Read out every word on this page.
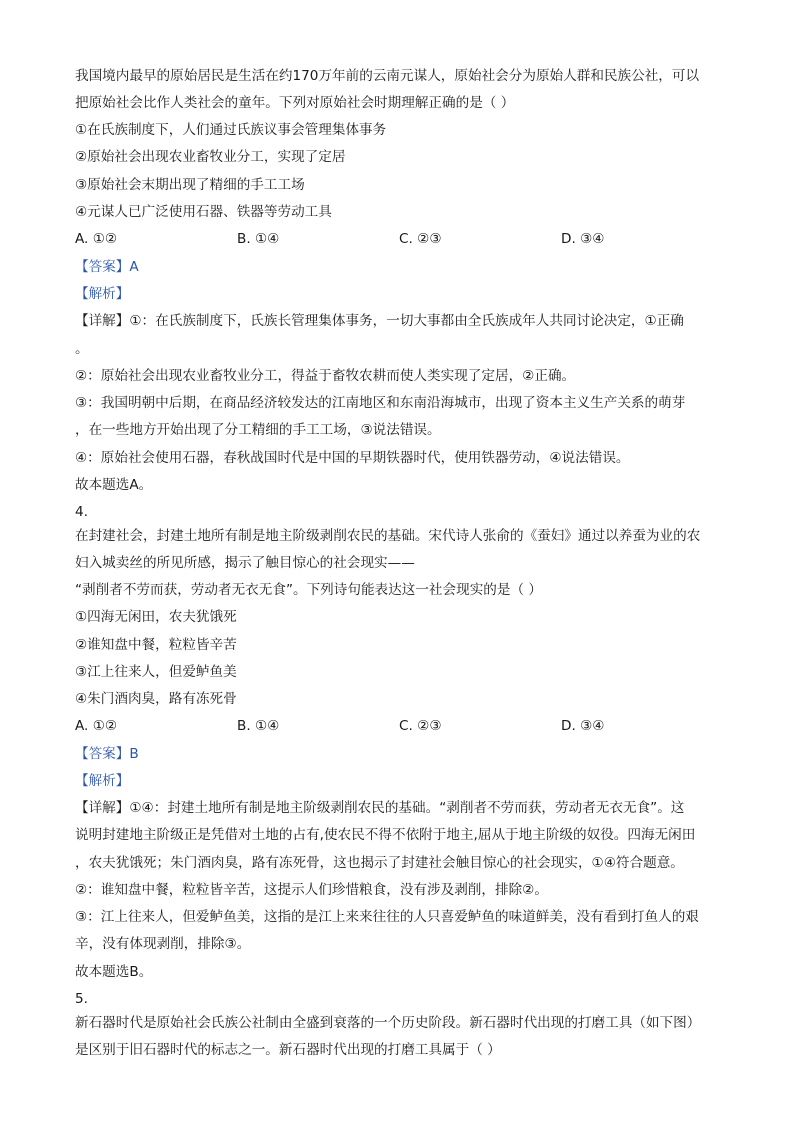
我国境内最早的原始居民是生活在约170万年前的云南元谋人，原始社会分为原始人群和民族公社，可以
把原始社会比作人类社会的童年。下列对原始社会时期理解正确的是（ ）
①在氏族制度下，人们通过氏族议事会管理集体事务
②原始社会出现农业畜牧业分工，实现了定居
③原始社会末期出现了精细的手工工场
④元谋人已广泛使用石器、铁器等劳动工具
A. ①②	B. ①④	C. ②③	D. ③④
【答案】A
【解析】
【详解】①：在氏族制度下，氏族长管理集体事务，一切大事都由全氏族成年人共同讨论决定，①正确
。
②：原始社会出现农业畜牧业分工，得益于畜牧农耕而使人类实现了定居，②正确。
③：我国明朝中后期，在商品经济较发达的江南地区和东南沿海城市，出现了资本主义生产关系的萌芽
，在一些地方开始出现了分工精细的手工工场，③说法错误。
④：原始社会使用石器，春秋战国时代是中国的早期铁器时代，使用铁器劳动，④说法错误。
故本题选A。
4.
在封建社会，封建土地所有制是地主阶级剥削农民的基础。宋代诗人张俞的《蚕妇》通过以养蚕为业的农
妇入城卖丝的所见所感，揭示了触目惊心的社会现实——
“剥削者不劳而获，劳动者无衣无食”。下列诗句能表达这一社会现实的是（ ）
①四海无闲田，农夫犹饿死
②谁知盘中餐，粒粒皆辛苦
③江上往来人，但爱鲈鱼美
④朱门酒肉臭，路有冻死骨
A. ①②	B. ①④	C. ②③	D. ③④
【答案】B
【解析】
【详解】①④：封建土地所有制是地主阶级剥削农民的基础。“剥削者不劳而获，劳动者无衣无食”。这
说明封建地主阶级正是凭借对土地的占有,使农民不得不依附于地主,屈从于地主阶级的奴役。四海无闲田
，农夫犹饿死；朱门酒肉臭，路有冻死骨，这也揭示了封建社会触目惊心的社会现实，①④符合题意。
②：谁知盘中餐，粒粒皆辛苦，这提示人们珍惜粮食，没有涉及剥削，排除②。
③：江上往来人，但爱鲈鱼美，这指的是江上来来往往的人只喜爱鲈鱼的味道鲜美，没有看到打鱼人的艰
辛，没有体现剥削，排除③。
故本题选B。
5.
新石器时代是原始社会氏族公社制由全盛到衰落的一个历史阶段。新石器时代出现的打磨工具（如下图）
是区别于旧石器时代的标志之一。新石器时代出现的打磨工具属于（ ）
